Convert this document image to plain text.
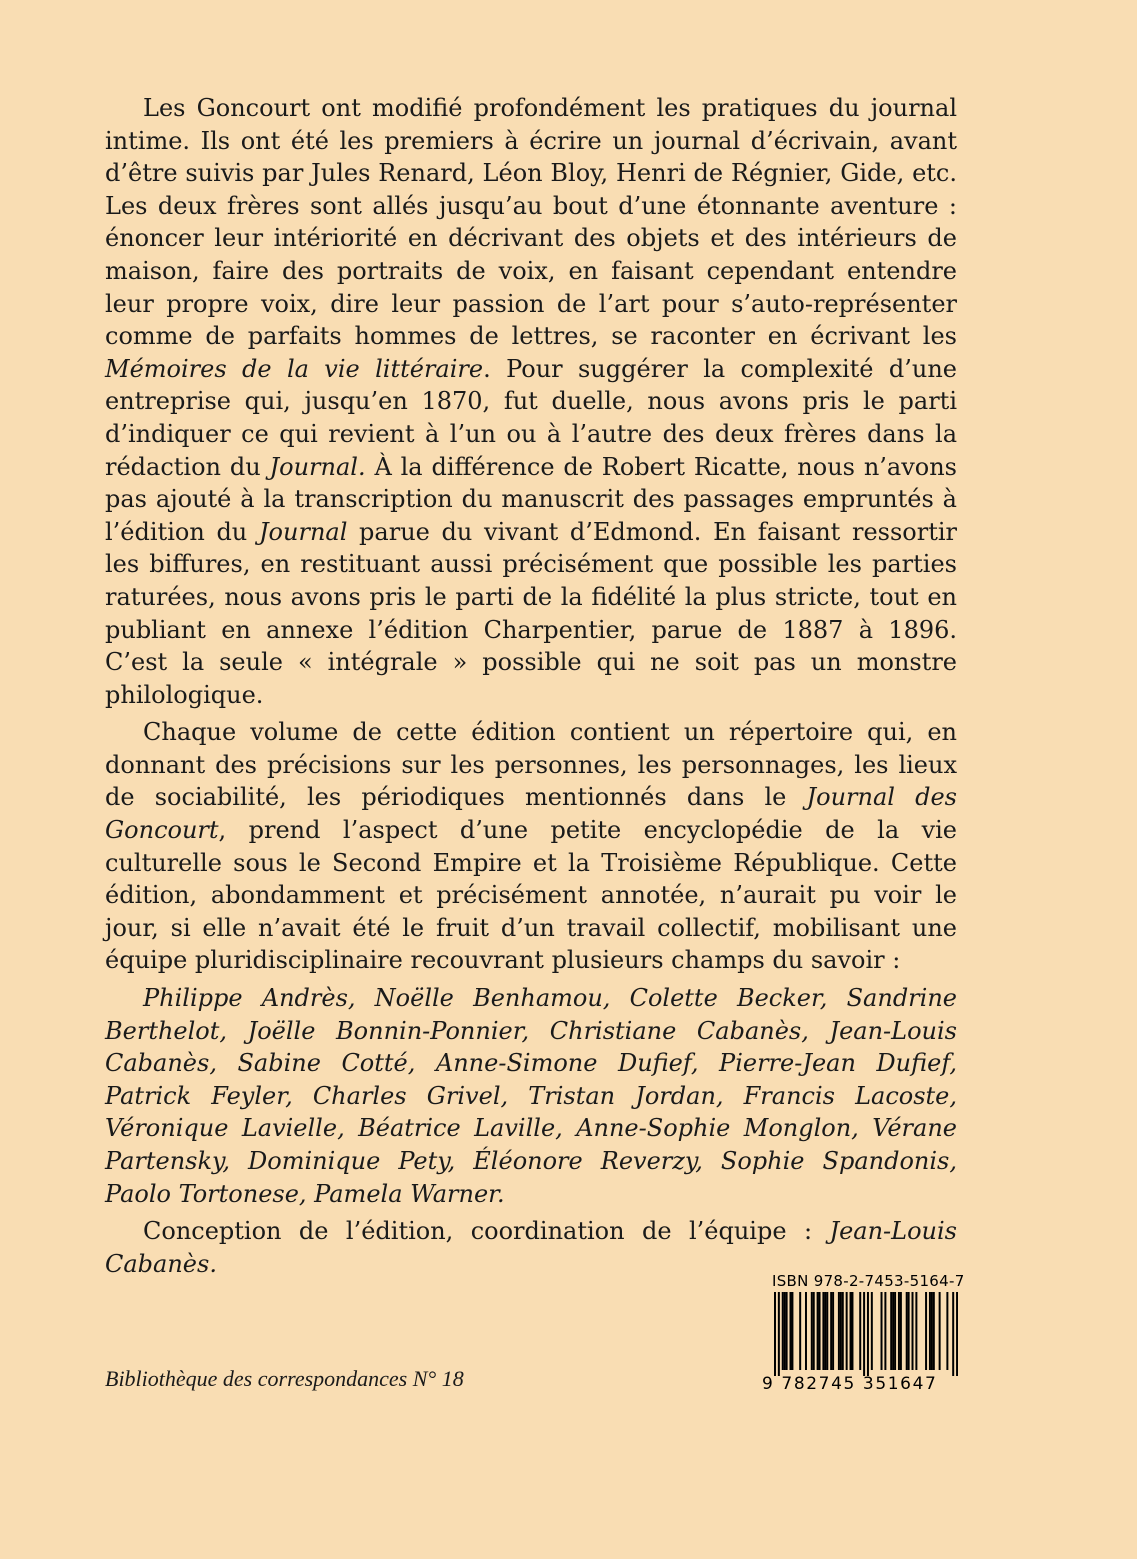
Les Goncourt ont modifié profondément les pratiques du journal intime. Ils ont été les premiers à écrire un journal d’écrivain, avant d’être suivis par Jules Renard, Léon Bloy, Henri de Régnier, Gide, etc. Les deux frères sont allés jusqu’au bout d’une étonnante aventure : énoncer leur intériorité en décrivant des objets et des intérieurs de maison, faire des portraits de voix, en faisant cependant entendre leur propre voix, dire leur passion de l’art pour s’auto-représenter comme de parfaits hommes de lettres, se raconter en écrivant les Mémoires de la vie littéraire. Pour suggérer la complexité d’une entreprise qui, jusqu’en 1870, fut duelle, nous avons pris le parti d’indiquer ce qui revient à l’un ou à l’autre des deux frères dans la rédaction du Journal. À la différence de Robert Ricatte, nous n’avons pas ajouté à la transcription du manuscrit des passages empruntés à l’édition du Journal parue du vivant d’Edmond. En faisant ressortir les biffures, en restituant aussi précisément que possible les parties raturées, nous avons pris le parti de la fidélité la plus stricte, tout en publiant en annexe l’édition Charpentier, parue de 1887 à 1896. C’est la seule « intégrale » possible qui ne soit pas un monstre philologique.

Chaque volume de cette édition contient un répertoire qui, en donnant des précisions sur les personnes, les personnages, les lieux de sociabilité, les périodiques mentionnés dans le Journal des Goncourt, prend l’aspect d’une petite encyclopédie de la vie culturelle sous le Second Empire et la Troisième République. Cette édition, abondamment et précisément annotée, n’aurait pu voir le jour, si elle n’avait été le fruit d’un travail collectif, mobilisant une équipe pluridisciplinaire recouvrant plusieurs champs du savoir :

Philippe Andrès, Noëlle Benhamou, Colette Becker, Sandrine Berthelot, Joëlle Bonnin-Ponnier, Christiane Cabanès, Jean-Louis Cabanès, Sabine Cotté, Anne-Simone Dufief, Pierre-Jean Dufief, Patrick Feyler, Charles Grivel, Tristan Jordan, Francis Lacoste, Véronique Lavielle, Béatrice Laville, Anne-Sophie Monglon, Vérane Partensky, Dominique Pety, Éléonore Reverzy, Sophie Spandonis, Paolo Tortonese, Pamela Warner.

Conception de l’édition, coordination de l’équipe : Jean-Louis Cabanès.

Bibliothèque des correspondances N° 18
ISBN 978-2-7453-5164-7
9 782745 351647
